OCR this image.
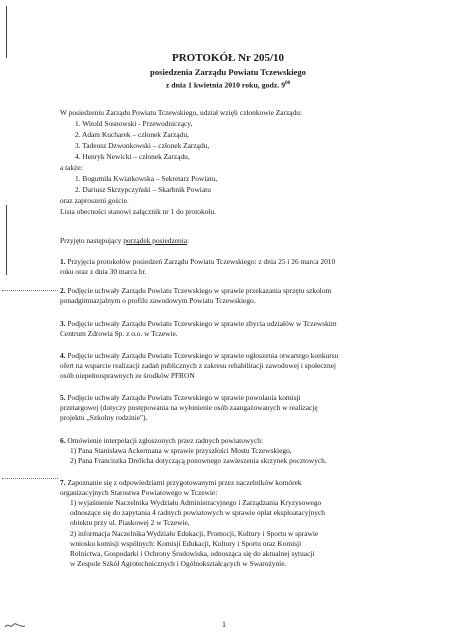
PROTOKÓŁ Nr 205/10
posiedzenia Zarządu Powiatu Tczewskiego
z dnia 1 kwietnia 2010 roku, godz. $9^{00}$
W posiedzeniu Zarządu Powiatu Tczewskiego, udział wzięli członkowie Zarządu:
1. Witold Sosnowski - Przewodniczący,
2. Adam Kucharek – członek Zarządu,
3. Tadeusz Dzwonkowski – członek Zarządu,
4. Henryk Newicki – członek Zarządu,
a także:
1. Bogumiła Kwiatkowska – Sekretarz Powiatu,
2. Dariusz Skrzypczyński – Skarbnik Powiatu
oraz zaproszeni goście.
Listа obecności stanowi załącznik nr 1 do protokołu.
Przyjęto następujący porządek posiedzenia:
1. Przyjęcia protokołów posiedzeń Zarządu Powiatu Tczewskiego: z dnia 25 i 26 marca 2010
roku oraz z dnia 30 marca br.
2. Podjęcie uchwały Zarządu Powiatu Tczewskiego w sprawie przekazania sprzętu szkolom
ponadgimnazjalnym o profilu zawodowym Powiatu Tczewskiego.
3. Podjęcie uchwały Zarządu Powiatu Tczewskiego w sprawie zbycia udziałów w Tczewskim
Centrum Zdrowia Sp. z o.o. w Tczewie.
4. Podjęcie uchwały Zarządu Powiatu Tczewskiego w sprawie ogłoszenia otwartego konkursu
ofert na wsparcie realizacji zadań publicznych z zakresu rehabilitacji zawodowej i społecznej
osób niepełnosprawnych ze środków PFRON
5. Podjęcie uchwały Zarządu Powiatu Tczewskiego w sprawie powołania komisji
przetargowej (dotyczy postępowania na wyłonienie osób zaangażowanych w realizację
projektu „Szkolny rodzinie").
6. Omówienie interpelacji zgłoszonych przez radnych powiatowych:
1) Pana Stanisława Ackermana w sprawie przyszłości Mostu Tczewskiego,
2) Pana Franciszka Drelicha dotyczącą ponownego zawieszenia skrzynek pocztowych.
7. Zapoznanie się z odpowiedziami przygotowanymi przez naczelników komórek
organizacyjnych Starostwa Powiatowego w Tczewie:
1) wyjaśnienie Naczelnika Wydziału Administracyjnego i Zarządzania Kryzysowego
odnoszące się do zapytania 4 radnych powiatowych w sprawie opłat eksploatacyjnych
obiektu przy ul. Piaskowej 2 w Tczewie,
2) informacja Naczelnika Wydziału Edukacji, Promocji, Kultury i Sportu w sprawie
wniosku komisji wspólnych: Komisji Edukacji, Kultury i Sportu oraz Komisji
Rolnictwa, Gospodarki i Ochrony Środowiska, odnosząca się do aktualnej sytuacji
w Zespole Szkół Agrotechnicznych i Ogólnokształcących w Swarożynie.
1
